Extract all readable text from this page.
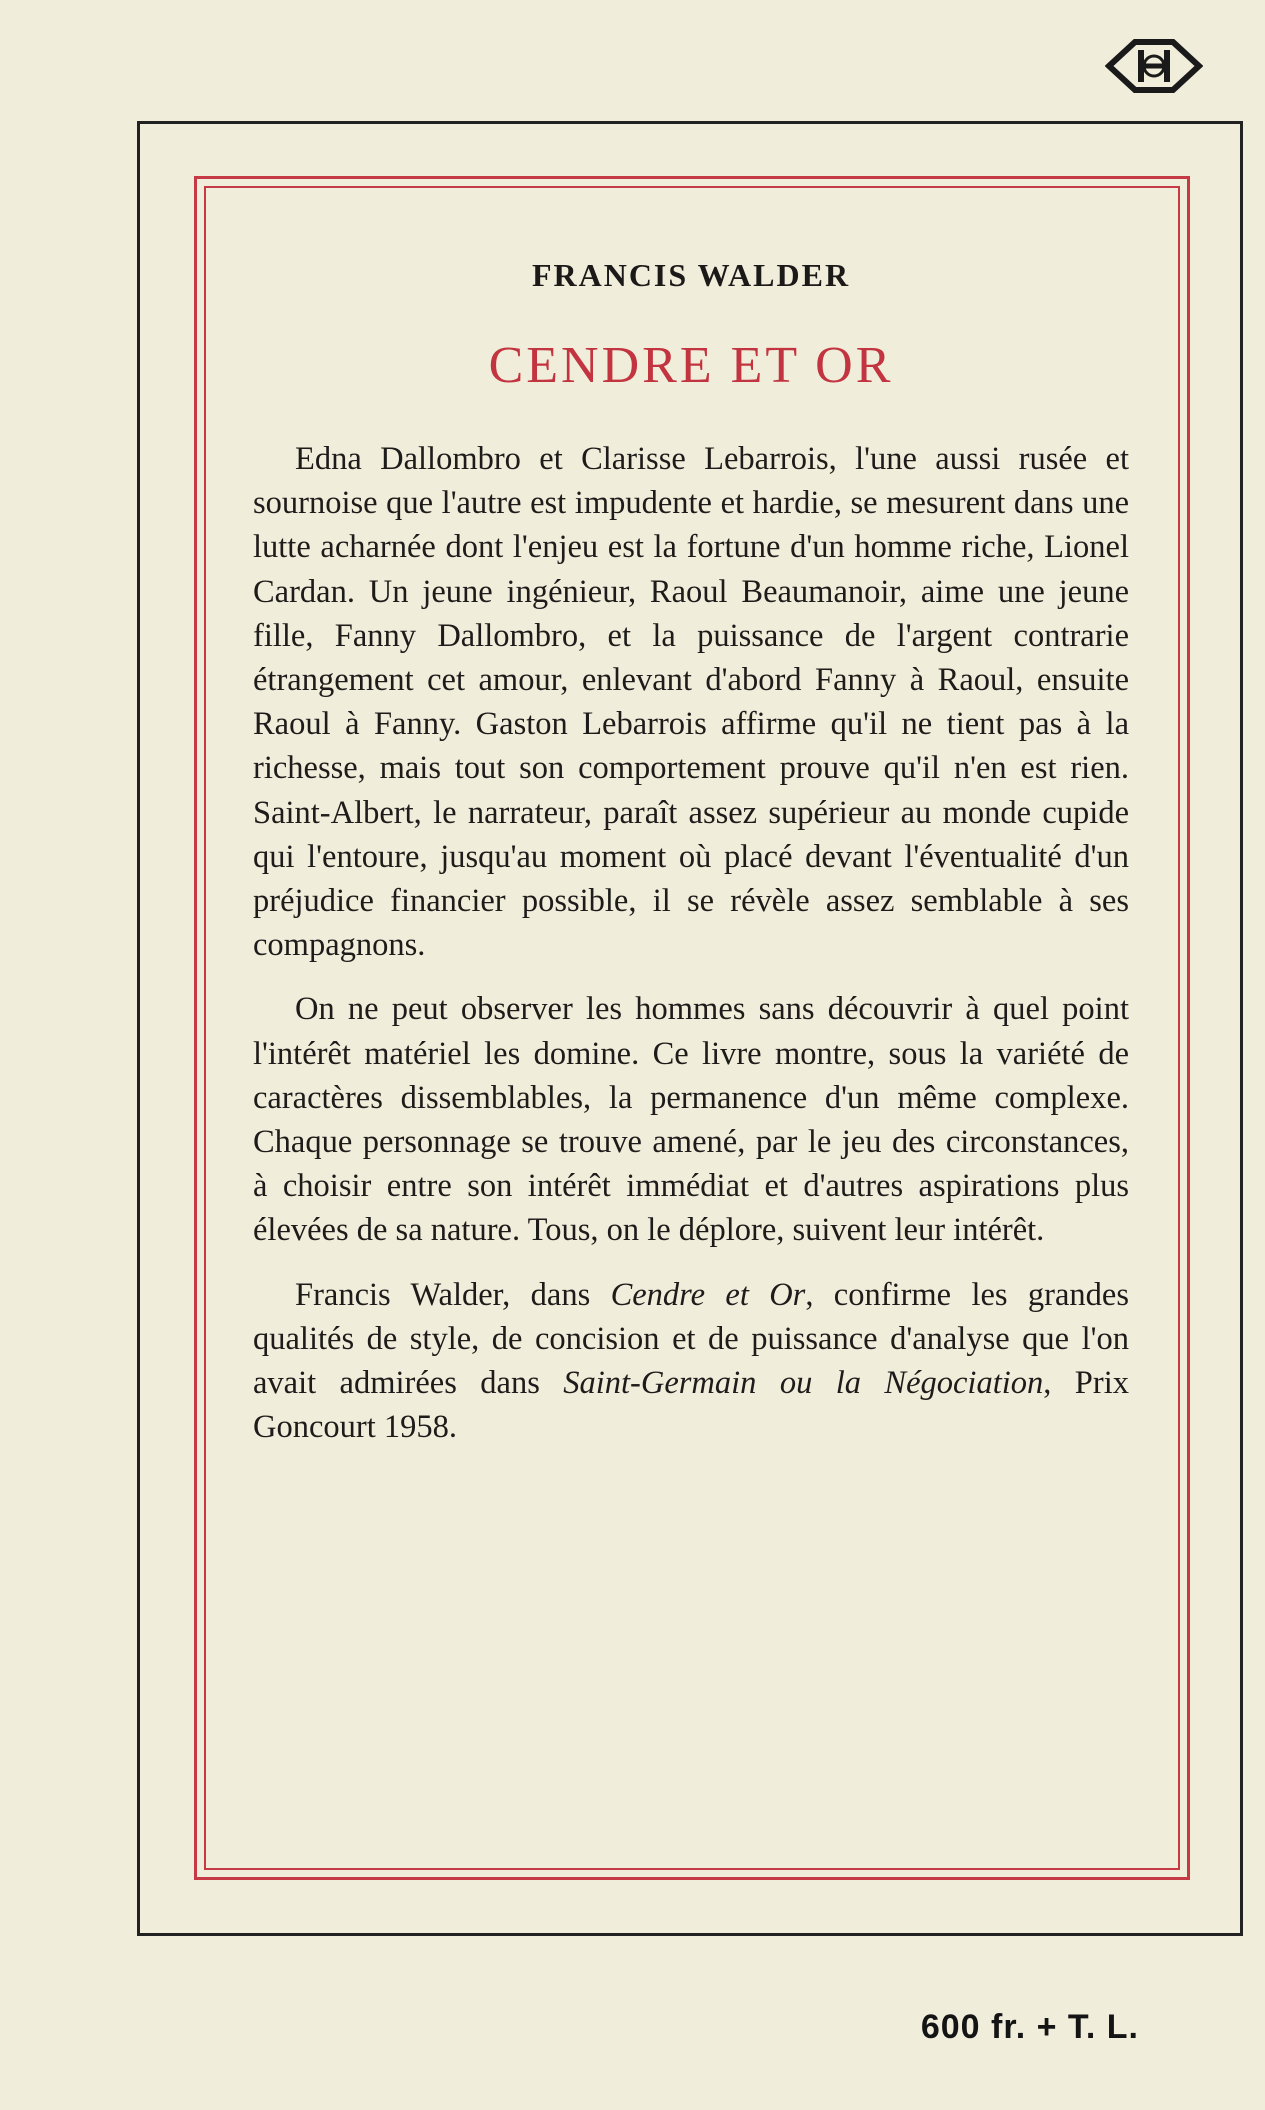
FRANCIS WALDER
CENDRE ET OR

Edna Dallombro et Clarisse Lebarrois, l'une aussi rusée et sournoise que l'autre est impudente et hardie, se mesurent dans une lutte acharnée dont l'enjeu est la fortune d'un homme riche, Lionel Cardan. Un jeune ingénieur, Raoul Beaumanoir, aime une jeune fille, Fanny Dallombro, et la puissance de l'argent contrarie étrangement cet amour, enlevant d'abord Fanny à Raoul, ensuite Raoul à Fanny. Gaston Lebarrois affirme qu'il ne tient pas à la richesse, mais tout son comportement prouve qu'il n'en est rien. Saint-Albert, le narrateur, paraît assez supérieur au monde cupide qui l'entoure, jusqu'au moment où placé devant l'éventualité d'un préjudice financier possible, il se révèle assez semblable à ses compagnons.

On ne peut observer les hommes sans découvrir à quel point l'intérêt matériel les domine. Ce livre montre, sous la variété de caractères dissemblables, la permanence d'un même complexe. Chaque personnage se trouve amené, par le jeu des circonstances, à choisir entre son intérêt immédiat et d'autres aspirations plus élevées de sa nature. Tous, on le déplore, suivent leur intérêt.

Francis Walder, dans Cendre et Or, confirme les grandes qualités de style, de concision et de puissance d'analyse que l'on avait admirées dans Saint-Germain ou la Négociation, Prix Goncourt 1958.

600 fr. + T. L.
